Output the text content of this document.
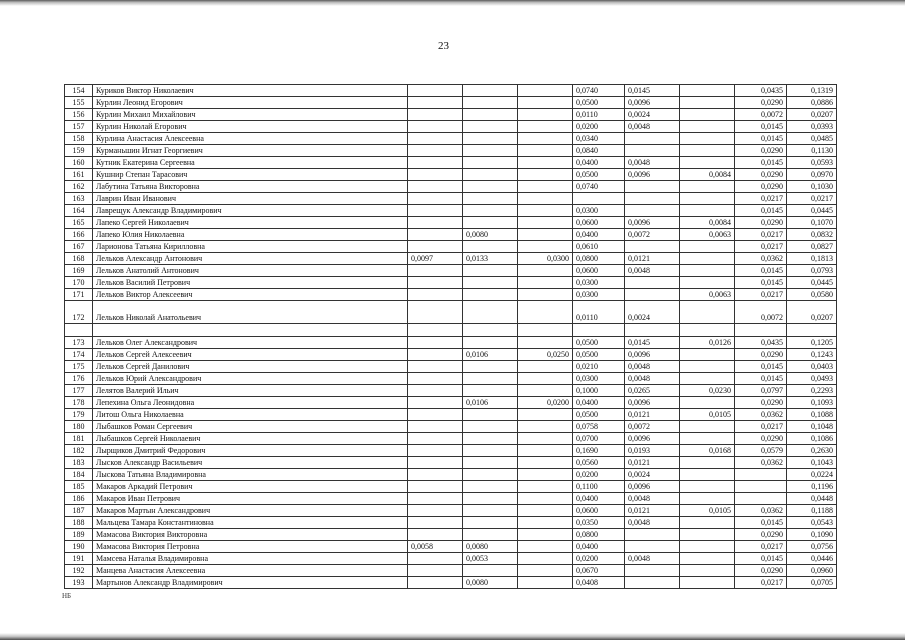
23
154	Куриков Виктор Николаевич				0,0740	0,0145		0,0435	0,1319
155	Курлин Леонид Егорович				0,0500	0,0096		0,0290	0,0886
156	Курлин Михаил Михайлович				0,0110	0,0024		0,0072	0,0207
157	Курлин Николай Егорович				0,0200	0,0048		0,0145	0,0393
158	Курлина Анастасия Алексеевна				0,0340			0,0145	0,0485
159	Курманьшин Игнат Георгиевич				0,0840			0,0290	0,1130
160	Кутник Екатерина Сергеевна				0,0400	0,0048		0,0145	0,0593
161	Кушнир Степан Тарасович				0,0500	0,0096	0,0084	0,0290	0,0970
162	Лабутина Татьяна Викторовна				0,0740			0,0290	0,1030
163	Лаврин Иван Иванович							0,0217	0,0217
164	Лаврещук Александр Владимирович				0,0300			0,0145	0,0445
165	Лапеко Сергей Николаевич				0,0600	0,0096	0,0084	0,0290	0,1070
166	Лапеко Юлия Николаевна		0,0080		0,0400	0,0072	0,0063	0,0217	0,0832
167	Ларионова Татьяна Кирилловна				0,0610			0,0217	0,0827
168	Лельков Александр Антонович	0,0097	0,0133	0,0300	0,0800	0,0121		0,0362	0,1813
169	Лельков Анатолий Антонович				0,0600	0,0048		0,0145	0,0793
170	Лельков Василий Петрович				0,0300			0,0145	0,0445
171	Лельков Виктор Алексеевич				0,0300		0,0063	0,0217	0,0580
172	Лельков Николай Анатольевич				0,0110	0,0024		0,0072	0,0207

173	Лельков Олег Александрович				0,0500	0,0145	0,0126	0,0435	0,1205
174	Лельков Сергей Алексеевич		0,0106	0,0250	0,0500	0,0096		0,0290	0,1243
175	Лельков Сергей Данилович				0,0210	0,0048		0,0145	0,0403
176	Лельков Юрий Александрович				0,0300	0,0048		0,0145	0,0493
177	Лелятов Валерий Ильич				0,1000	0,0265	0,0230	0,0797	0,2293
178	Лепехина Ольга Леонидовна		0,0106	0,0200	0,0400	0,0096		0,0290	0,1093
179	Литош Ольга Николаевна				0,0500	0,0121	0,0105	0,0362	0,1088
180	Лыбашков Роман Сергеевич				0,0758	0,0072		0,0217	0,1048
181	Лыбашков Сергей Николаевич				0,0700	0,0096		0,0290	0,1086
182	Лырщиков Дмитрий Федорович				0,1690	0,0193	0,0168	0,0579	0,2630
183	Лысков Александр Васильевич				0,0560	0,0121		0,0362	0,1043
184	Лыскова Татьяна Владимировна				0,0200	0,0024			0,0224
185	Макаров Аркадий Петрович				0,1100	0,0096			0,1196
186	Макаров Иван Петрович				0,0400	0,0048			0,0448
187	Макаров Мартын Александрович				0,0600	0,0121	0,0105	0,0362	0,1188
188	Мальцева Тамара Константиновна				0,0350	0,0048		0,0145	0,0543
189	Мамасова Виктория Викторовна				0,0800			0,0290	0,1090
190	Мамасова Виктория Петровна	0,0058	0,0080		0,0400			0,0217	0,0756
191	Мамсева Наталья Владимировна		0,0053		0,0200	0,0048		0,0145	0,0446
192	Манцева Анастасия Алексеевна				0,0670			0,0290	0,0960
193	Мартынов Александр Владимирович		0,0080		0,0408			0,0217	0,0705
НБ
